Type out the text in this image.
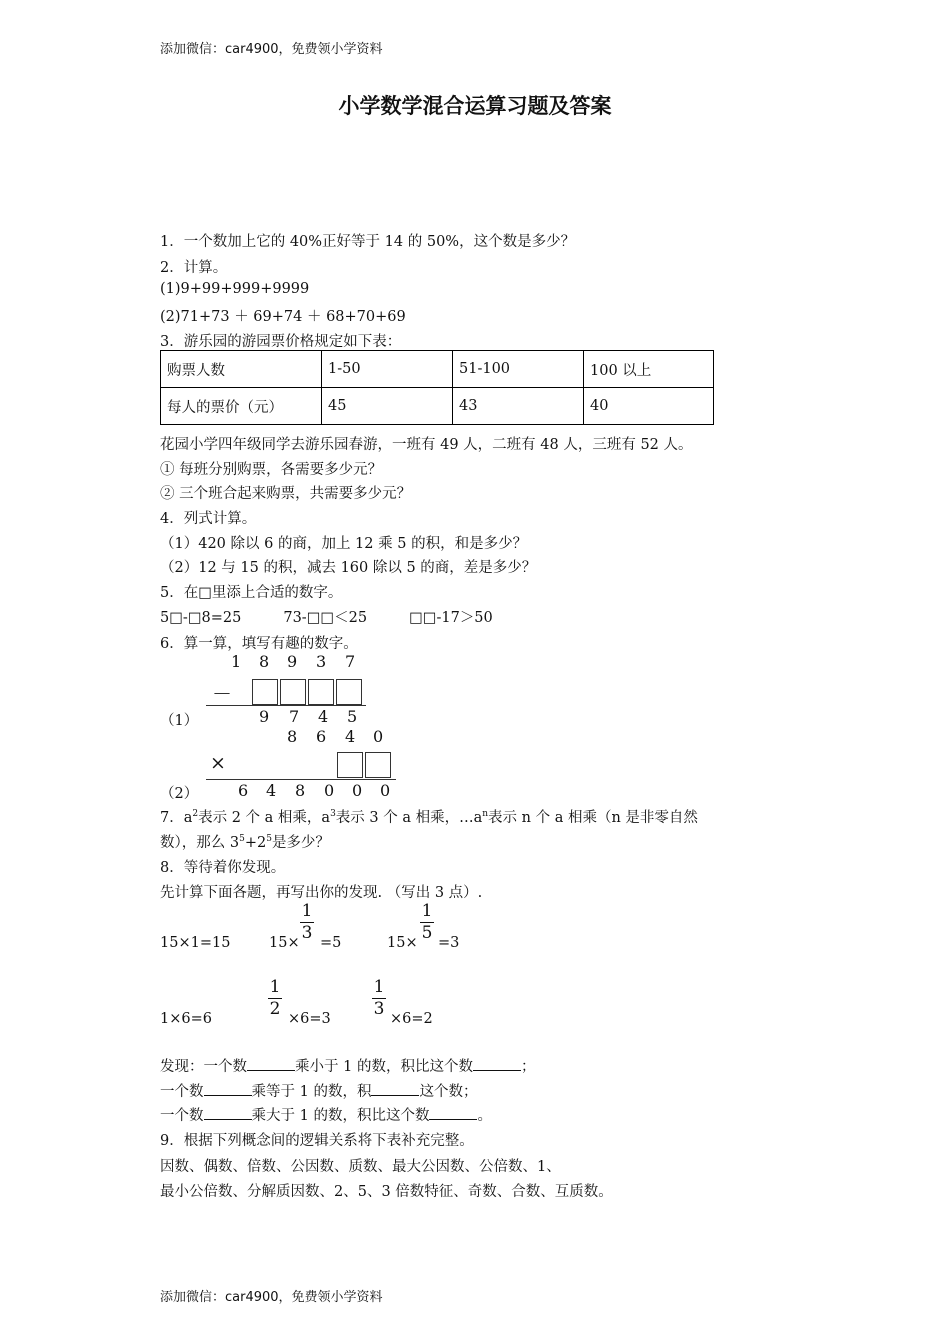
添加微信：car4900，免费领小学资料
小学数学混合运算习题及答案
1．一个数加上它的 40%正好等于 14 的 50%，这个数是多少？
2．计算。
(1)9+99+999+9999
(2)71+73 ＋ 69+74 ＋ 68+70+69
3．游乐园的游园票价格规定如下表：
购票人数	1-50	51-100	100 以上
每人的票价（元）	45	43	40
花园小学四年级同学去游乐园春游，一班有 49 人，二班有 48 人，三班有 52 人。
① 每班分别购票，各需要多少元？
② 三个班合起来购票，共需要多少元？
4．列式计算。
（1）420 除以 6 的商，加上 12 乘 5 的积，和是多少？
（2）12 与 15 的积，减去 160 除以 5 的商，差是多少？
5．在□里添上合适的数字。
5□-□8=25	73-□□＜25	□□-17＞50
6．算一算，填写有趣的数字。
1 8 9 3 7
－
（1）	9 7 4 5
8 6 4 0
×
（2） 6 4 8 0 0 0
7．$a^2$表示 2 个 a 相乘，$a^3$表示 3 个 a 相乘，$\dots a^n$表示 n 个 a 相乘（n 是非零自然
数），那么 $3^5+2^5$是多少？
8．等待着你发现。
先计算下面各题，再写出你的发现. （写出 3 点）.
15×1=15	15×
1
3 =5	15×
1
5 =3
1×6=6
1
2 ×6=3
1
3 ×6=2
发现：一个数	乘小于 1 的数，积比这个数	；
一个数	乘等于 1 的数，积	这个数；
一个数	乘大于 1 的数，积比这个数	。
9．根据下列概念间的逻辑关系将下表补充完整。
因数、偶数、倍数、公因数、质数、最大公因数、公倍数、1、
最小公倍数、分解质因数、2、5、3 倍数特征、奇数、合数、互质数。
添加微信：car4900，免费领小学资料
